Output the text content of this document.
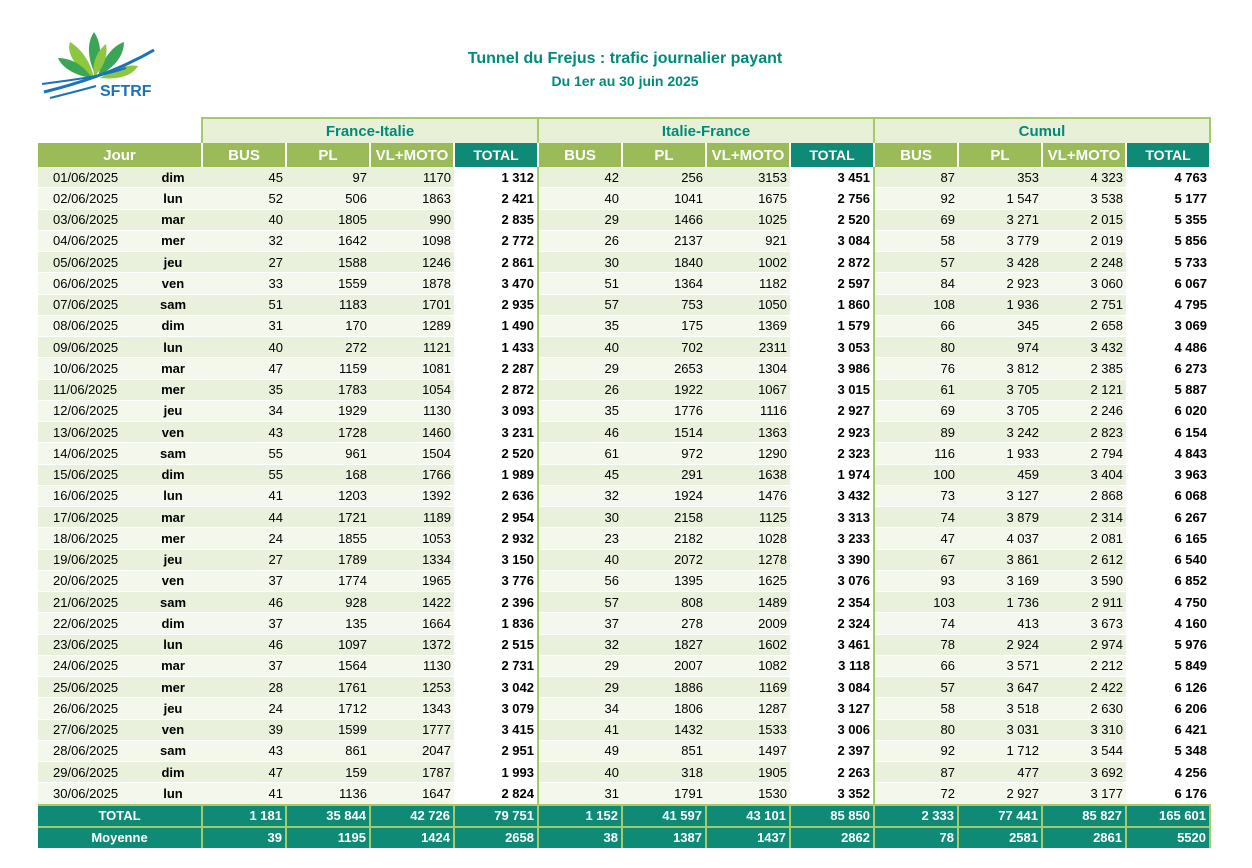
SFTRF
Tunnel du Frejus : trafic journalier payant
Du 1er au 30 juin 2025
		France-Italie				Italie-France				Cumul			
Jour		BUS	PL	VL+MOTO	TOTAL	BUS	PL	VL+MOTO	TOTAL	BUS	PL	VL+MOTO	TOTAL
01/06/2025	dim	45	97	1170	1 312	42	256	3153	3 451	87	353	4 323	4 763
02/06/2025	lun	52	506	1863	2 421	40	1041	1675	2 756	92	1 547	3 538	5 177
03/06/2025	mar	40	1805	990	2 835	29	1466	1025	2 520	69	3 271	2 015	5 355
04/06/2025	mer	32	1642	1098	2 772	26	2137	921	3 084	58	3 779	2 019	5 856
05/06/2025	jeu	27	1588	1246	2 861	30	1840	1002	2 872	57	3 428	2 248	5 733
06/06/2025	ven	33	1559	1878	3 470	51	1364	1182	2 597	84	2 923	3 060	6 067
07/06/2025	sam	51	1183	1701	2 935	57	753	1050	1 860	108	1 936	2 751	4 795
08/06/2025	dim	31	170	1289	1 490	35	175	1369	1 579	66	345	2 658	3 069
09/06/2025	lun	40	272	1121	1 433	40	702	2311	3 053	80	974	3 432	4 486
10/06/2025	mar	47	1159	1081	2 287	29	2653	1304	3 986	76	3 812	2 385	6 273
11/06/2025	mer	35	1783	1054	2 872	26	1922	1067	3 015	61	3 705	2 121	5 887
12/06/2025	jeu	34	1929	1130	3 093	35	1776	1116	2 927	69	3 705	2 246	6 020
13/06/2025	ven	43	1728	1460	3 231	46	1514	1363	2 923	89	3 242	2 823	6 154
14/06/2025	sam	55	961	1504	2 520	61	972	1290	2 323	116	1 933	2 794	4 843
15/06/2025	dim	55	168	1766	1 989	45	291	1638	1 974	100	459	3 404	3 963
16/06/2025	lun	41	1203	1392	2 636	32	1924	1476	3 432	73	3 127	2 868	6 068
17/06/2025	mar	44	1721	1189	2 954	30	2158	1125	3 313	74	3 879	2 314	6 267
18/06/2025	mer	24	1855	1053	2 932	23	2182	1028	3 233	47	4 037	2 081	6 165
19/06/2025	jeu	27	1789	1334	3 150	40	2072	1278	3 390	67	3 861	2 612	6 540
20/06/2025	ven	37	1774	1965	3 776	56	1395	1625	3 076	93	3 169	3 590	6 852
21/06/2025	sam	46	928	1422	2 396	57	808	1489	2 354	103	1 736	2 911	4 750
22/06/2025	dim	37	135	1664	1 836	37	278	2009	2 324	74	413	3 673	4 160
23/06/2025	lun	46	1097	1372	2 515	32	1827	1602	3 461	78	2 924	2 974	5 976
24/06/2025	mar	37	1564	1130	2 731	29	2007	1082	3 118	66	3 571	2 212	5 849
25/06/2025	mer	28	1761	1253	3 042	29	1886	1169	3 084	57	3 647	2 422	6 126
26/06/2025	jeu	24	1712	1343	3 079	34	1806	1287	3 127	58	3 518	2 630	6 206
27/06/2025	ven	39	1599	1777	3 415	41	1432	1533	3 006	80	3 031	3 310	6 421
28/06/2025	sam	43	861	2047	2 951	49	851	1497	2 397	92	1 712	3 544	5 348
29/06/2025	dim	47	159	1787	1 993	40	318	1905	2 263	87	477	3 692	4 256
30/06/2025	lun	41	1136	1647	2 824	31	1791	1530	3 352	72	2 927	3 177	6 176
TOTAL		1 181	35 844	42 726	79 751	1 152	41 597	43 101	85 850	2 333	77 441	85 827	165 601
Moyenne		39	1195	1424	2658	38	1387	1437	2862	78	2581	2861	5520
